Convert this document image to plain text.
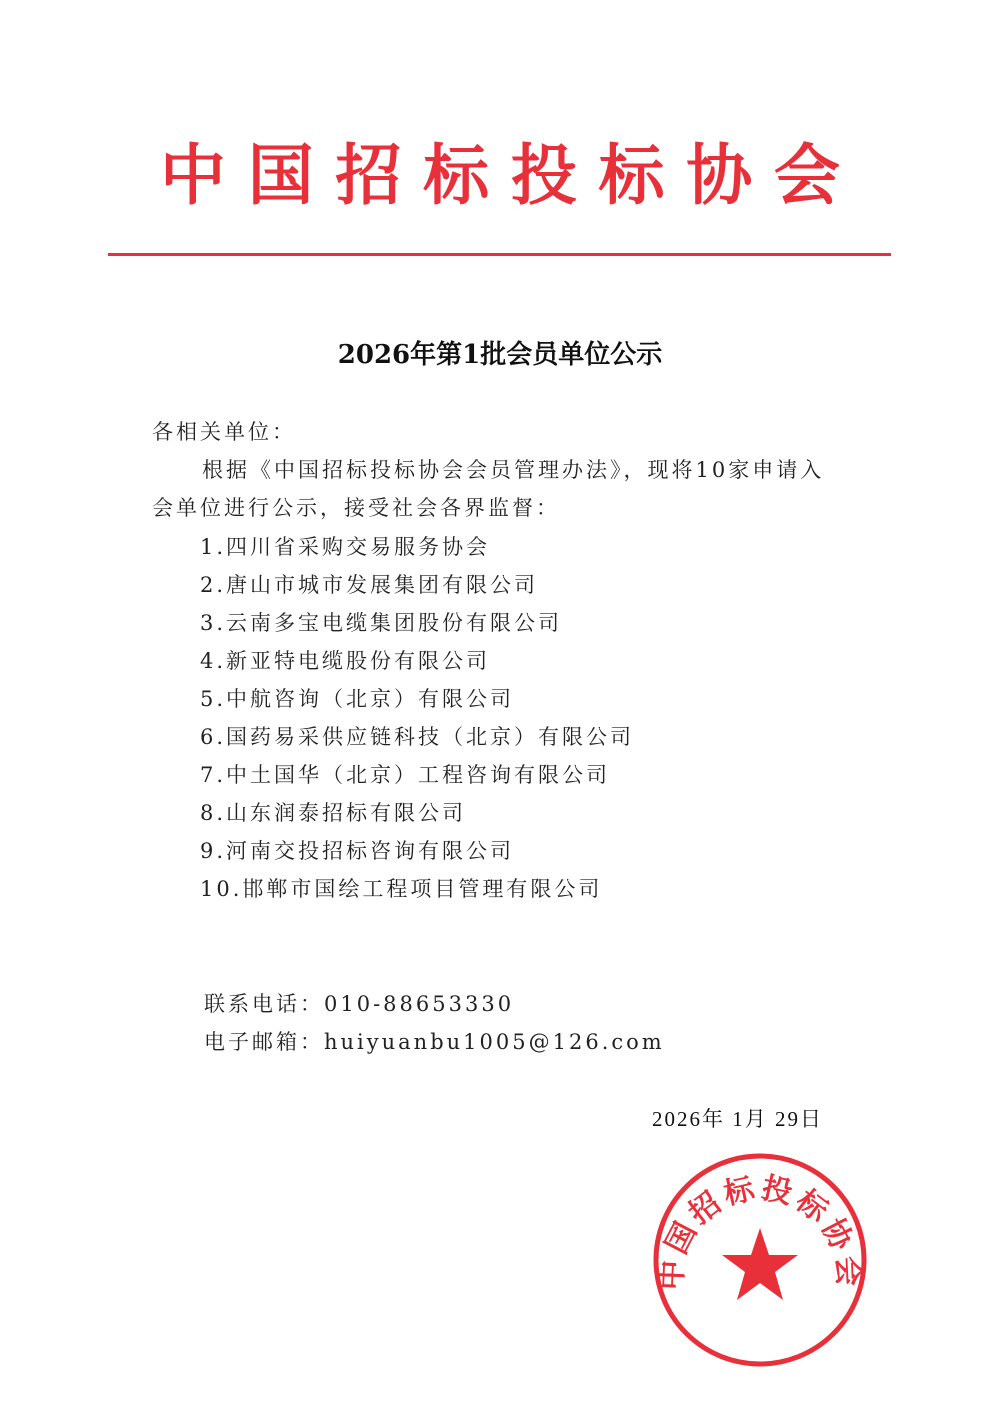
中 国 招 标 投 标 协 会
2026年第1批会员单位公示
各相关单位：
根据《中国招标投标协会会员管理办法》，现将10家申请入
会单位进行公示，接受社会各界监督：
1.四川省采购交易服务协会
2.唐山市城市发展集团有限公司
3.云南多宝电缆集团股份有限公司
4.新亚特电缆股份有限公司
5.中航咨询（北京）有限公司
6.国药易采供应链科技（北京）有限公司
7.中土国华（北京）工程咨询有限公司
8.山东润泰招标有限公司
9.河南交投招标咨询有限公司
10.邯郸市国绘工程项目管理有限公司
联系电话：010-88653330
电子邮箱：huiyuanbu1005@126.com
2026年 1月 29日
中国招标投标协会
